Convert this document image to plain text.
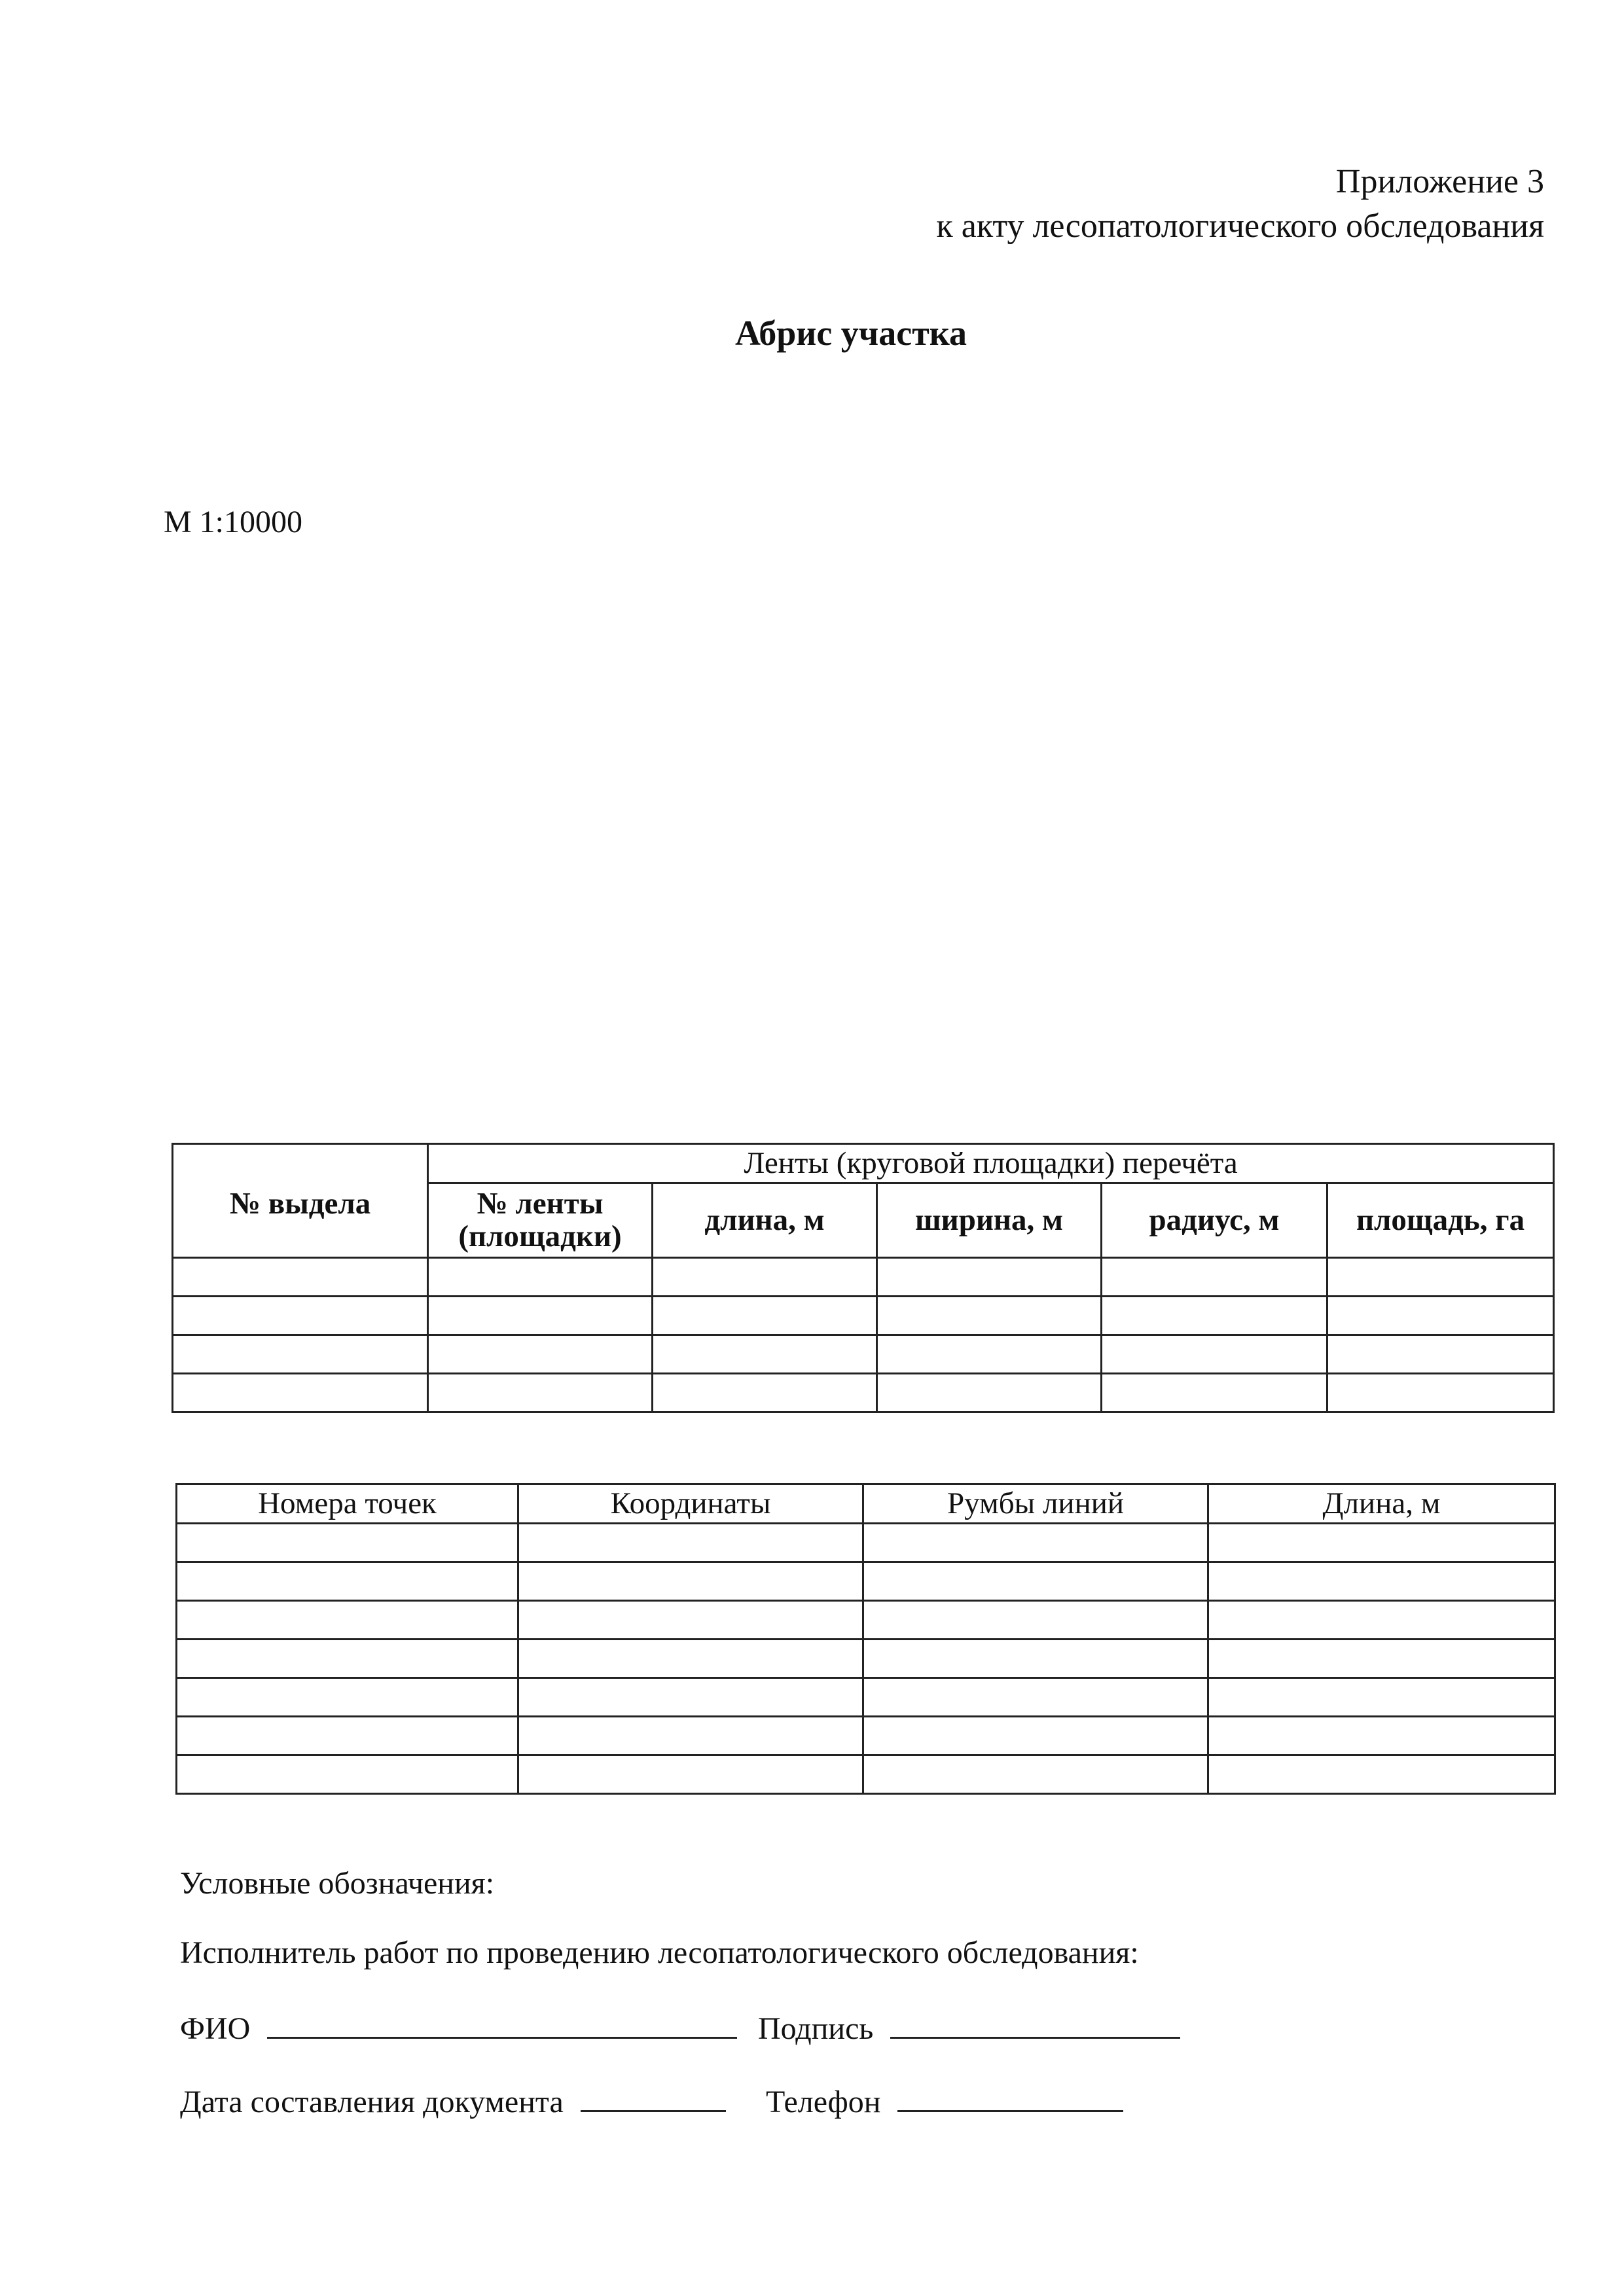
Приложение 3
к акту лесопатологического обследования
Абрис участка
М 1:10000
№ выдела	Ленты (круговой площадки) перечёта				
	№ ленты (площадки)	длина, м	ширина, м	радиус, м	площадь, га

Номера точек	Координаты	Румбы линий	Длина, м

Условные обозначения:
Исполнитель работ по проведению лесопатологического обследования:
ФИО	Подпись
Дата составления документа	Телефон
